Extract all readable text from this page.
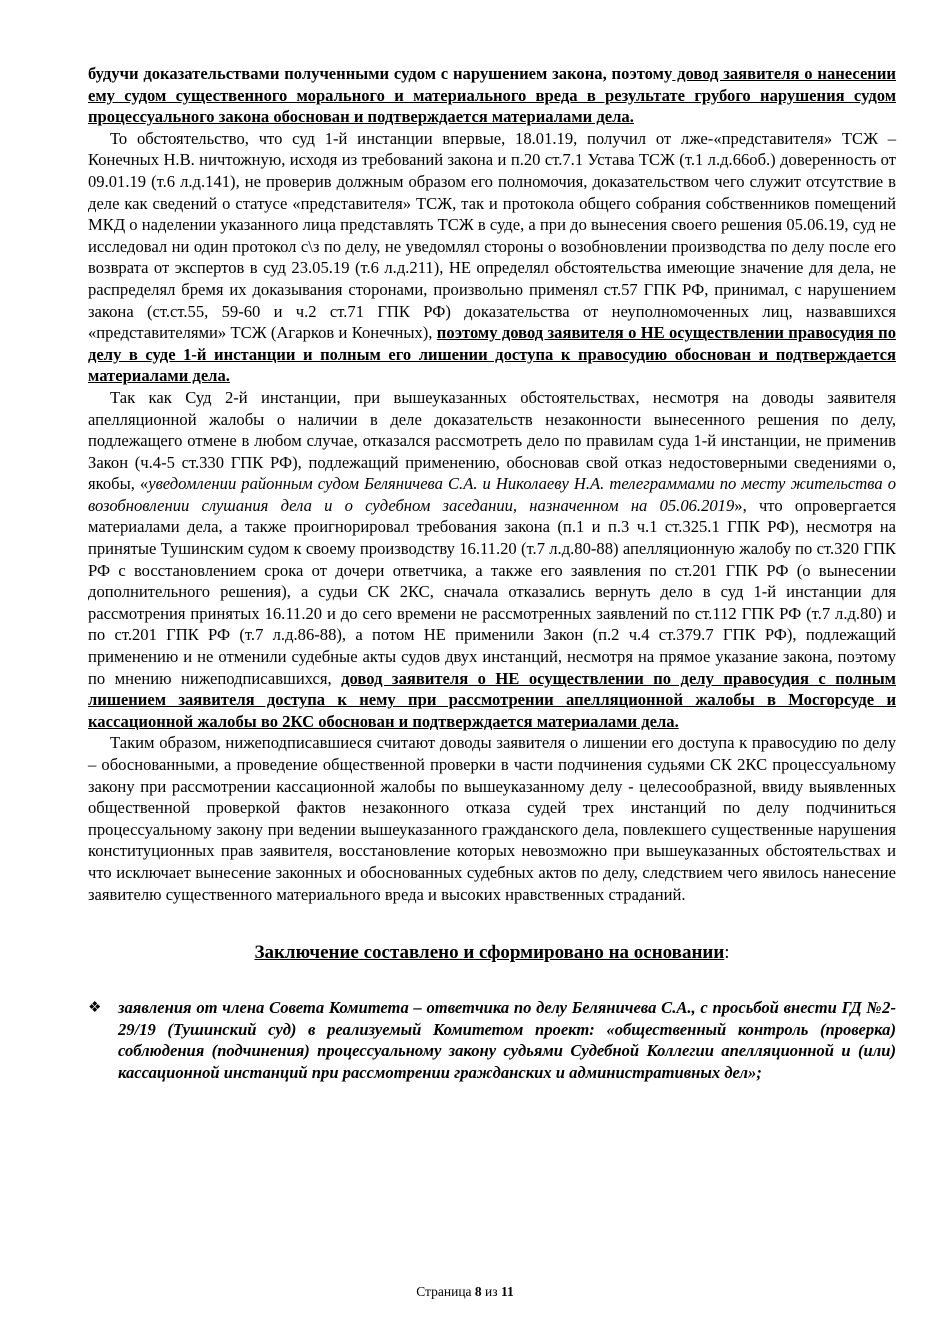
будучи доказательствами полученными судом с нарушением закона, поэтому довод заявителя о нанесении ему судом существенного морального и материального вреда в результате грубого нарушения судом процессуального закона обоснован и подтверждается материалами дела.

То обстоятельство, что суд 1-й инстанции впервые, 18.01.19, получил от лже-«представителя» ТСЖ – Конечных Н.В. ничтожную, исходя из требований закона и п.20 ст.7.1 Устава ТСЖ (т.1 л.д.66об.) доверенность от 09.01.19 (т.6 л.д.141), не проверив должным образом его полномочия, доказательством чего служит отсутствие в деле как сведений о статусе «представителя» ТСЖ, так и протокола общего собрания собственников помещений МКД о наделении указанного лица представлять ТСЖ в суде, а при до вынесения своего решения 05.06.19, суд не исследовал ни один протокол с\з по делу, не уведомлял стороны о возобновлении производства по делу после его возврата от экспертов в суд 23.05.19 (т.6 л.д.211), НЕ определял обстоятельства имеющие значение для дела, не распределял бремя их доказывания сторонами, произвольно применял ст.57 ГПК РФ, принимал, с нарушением закона (ст.ст.55, 59-60 и ч.2 ст.71 ГПК РФ) доказательства от неуполномоченных лиц, назвавшихся «представителями» ТСЖ (Агарков и Конечных), поэтому довод заявителя о НЕ осуществлении правосудия по делу в суде 1-й инстанции и полным его лишении доступа к правосудию обоснован и подтверждается материалами дела.

Так как Суд 2-й инстанции, при вышеуказанных обстоятельствах, несмотря на доводы заявителя апелляционной жалобы о наличии в деле доказательств незаконности вынесенного решения по делу, подлежащего отмене в любом случае, отказался рассмотреть дело по правилам суда 1-й инстанции, не применив Закон (ч.4-5 ст.330 ГПК РФ), подлежащий применению, обосновав свой отказ недостоверными сведениями о, якобы, «уведомлении районным судом Беляничева С.А. и Николаеву Н.А. телеграммами по месту жительства о возобновлении слушания дела и о судебном заседании, назначенном на 05.06.2019», что опровергается материалами дела, а также проигнорировал требования закона (п.1 и п.3 ч.1 ст.325.1 ГПК РФ), несмотря на принятые Тушинским судом к своему производству 16.11.20 (т.7 л.д.80-88) апелляционную жалобу по ст.320 ГПК РФ с восстановлением срока от дочери ответчика, а также его заявления по ст.201 ГПК РФ (о вынесении дополнительного решения), а судьи СК 2КС, сначала отказались вернуть дело в суд 1-й инстанции для рассмотрения принятых 16.11.20 и до сего времени не рассмотренных заявлений по ст.112 ГПК РФ (т.7 л.д.80) и по ст.201 ГПК РФ (т.7 л.д.86-88), а потом НЕ применили Закон (п.2 ч.4 ст.379.7 ГПК РФ), подлежащий применению и не отменили судебные акты судов двух инстанций, несмотря на прямое указание закона, поэтому по мнению нижеподписавшихся, довод заявителя о НЕ осуществлении по делу правосудия с полным лишением заявителя доступа к нему при рассмотрении апелляционной жалобы в Мосгорсуде и кассационной жалобы во 2КС обоснован и подтверждается материалами дела.

Таким образом, нижеподписавшиеся считают доводы заявителя о лишении его доступа к правосудию по делу – обоснованными, а проведение общественной проверки в части подчинения судьями СК 2КС процессуальному закону при рассмотрении кассационной жалобы по вышеуказанному делу - целесообразной, ввиду выявленных общественной проверкой фактов незаконного отказа судей трех инстанций по делу подчиниться процессуальному закону при ведении вышеуказанного гражданского дела, повлекшего существенные нарушения конституционных прав заявителя, восстановление которых невозможно при вышеуказанных обстоятельствах и что исключает вынесение законных и обоснованных судебных актов по делу, следствием чего явилось нанесение заявителю существенного материального вреда и высоких нравственных страданий.

Заключение составлено и сформировано на основании:
❖ заявления от члена Совета Комитета – ответчика по делу Беляничева С.А., с просьбой внести ГД №2-29/19 (Тушинский суд) в реализуемый Комитетом проект: «общественный контроль (проверка) соблюдения (подчинения) процессуальному закону судьями Судебной Коллегии апелляционной и (или) кассационной инстанций при рассмотрении гражданских и административных дел»;
Страница 8 из 11
